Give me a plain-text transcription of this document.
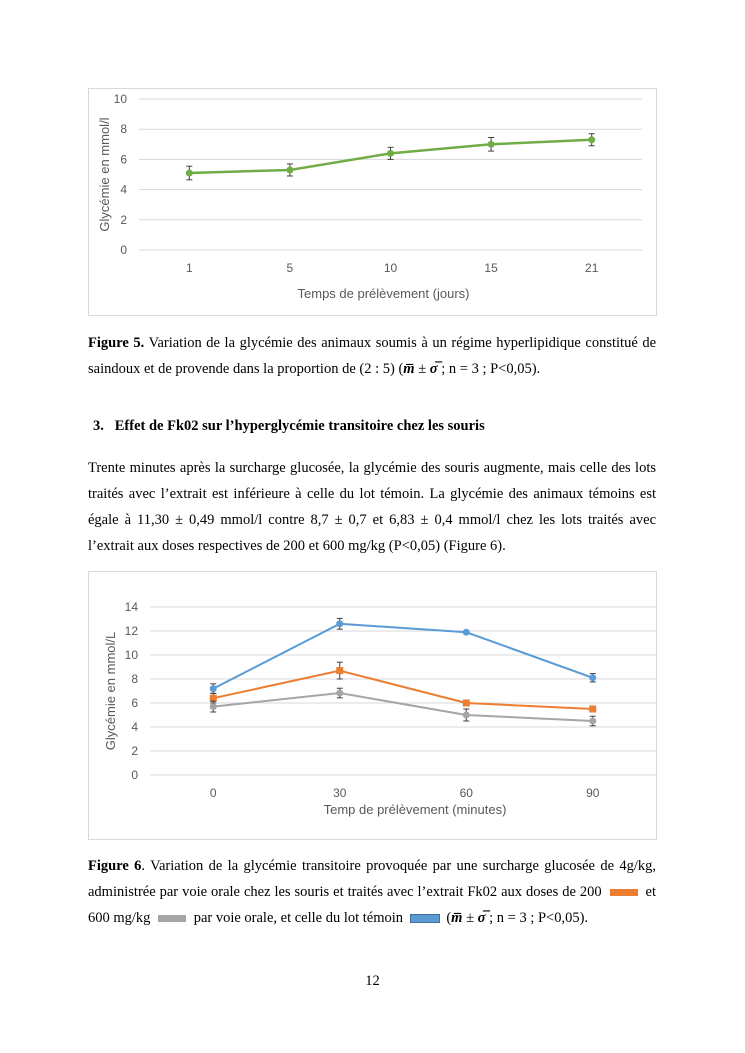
0
2
4
6
8
10
1	5	10	15	21
Temps de prélèvement (jours)
Glycémie en mmol/l

Figure 5. Variation de la glycémie des animaux soumis à un régime hyperlipidique constitué de saindoux et de provende dans la proportion de (2 : 5) (m̅ ± σ̅ ; n = 3 ; P<0,05).

3.   Effet de Fk02 sur l’hyperglycémie transitoire chez les souris

Trente minutes après la surcharge glucosée, la glycémie des souris augmente, mais celle des lots traités avec l’extrait est inférieure à celle du lot témoin. La glycémie des animaux témoins est égale à 11,30 ± 0,49 mmol/l contre 8,7 ± 0,7 et 6,83 ± 0,4 mmol/l chez les lots traités avec l’extrait aux doses respectives de 200 et 600 mg/kg (P<0,05) (Figure 6).

0
2
4
6
8
10
12
14
0	30	60	90
Temp de prélèvement (minutes)
Glycémie en mmol/L

Figure 6. Variation de la glycémie transitoire provoquée par une surcharge glucosée de 4g/kg, administrée par voie orale chez les souris et traités avec l’extrait Fk02 aux doses de 200  et 600 mg/kg  par voie orale, et celle du lot témoin  (m̅ ± σ̅ ; n = 3 ; P<0,05).

12
